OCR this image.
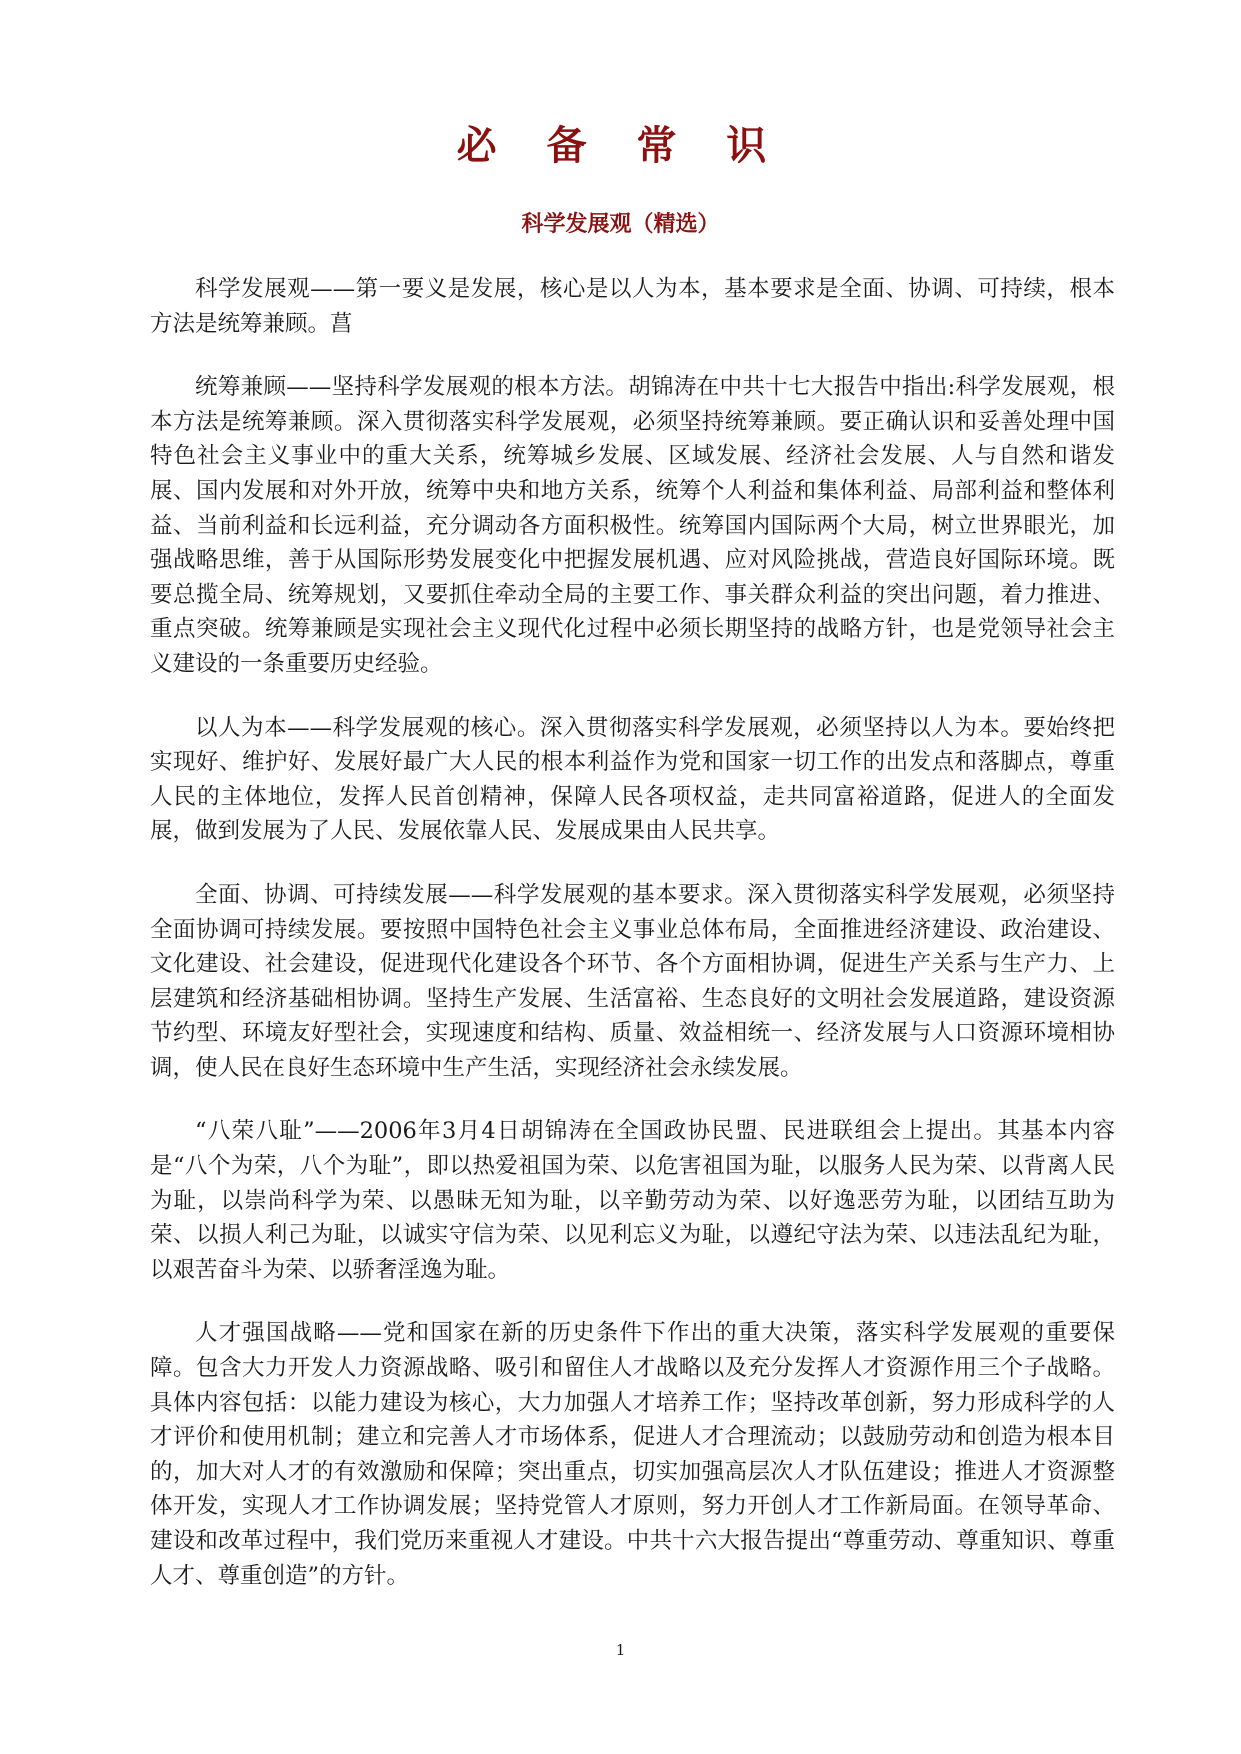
必 备 常 识
科学发展观（精选）

科学发展观——第一要义是发展，核心是以人为本，基本要求是全面、协调、可持续，根本方法是统筹兼顾。菖

统筹兼顾——坚持科学发展观的根本方法。胡锦涛在中共十七大报告中指出:科学发展观，根本方法是统筹兼顾。深入贯彻落实科学发展观，必须坚持统筹兼顾。要正确认识和妥善处理中国特色社会主义事业中的重大关系，统筹城乡发展、区域发展、经济社会发展、人与自然和谐发展、国内发展和对外开放，统筹中央和地方关系，统筹个人利益和集体利益、局部利益和整体利益、当前利益和长远利益，充分调动各方面积极性。统筹国内国际两个大局，树立世界眼光，加强战略思维，善于从国际形势发展变化中把握发展机遇、应对风险挑战，营造良好国际环境。既要总揽全局、统筹规划，又要抓住牵动全局的主要工作、事关群众利益的突出问题，着力推进、重点突破。统筹兼顾是实现社会主义现代化过程中必须长期坚持的战略方针，也是党领导社会主义建设的一条重要历史经验。

以人为本——科学发展观的核心。深入贯彻落实科学发展观，必须坚持以人为本。要始终把实现好、维护好、发展好最广大人民的根本利益作为党和国家一切工作的出发点和落脚点，尊重人民的主体地位，发挥人民首创精神，保障人民各项权益，走共同富裕道路，促进人的全面发展，做到发展为了人民、发展依靠人民、发展成果由人民共享。

全面、协调、可持续发展——科学发展观的基本要求。深入贯彻落实科学发展观，必须坚持全面协调可持续发展。要按照中国特色社会主义事业总体布局，全面推进经济建设、政治建设、文化建设、社会建设，促进现代化建设各个环节、各个方面相协调，促进生产关系与生产力、上层建筑和经济基础相协调。坚持生产发展、生活富裕、生态良好的文明社会发展道路，建设资源节约型、环境友好型社会，实现速度和结构、质量、效益相统一、经济发展与人口资源环境相协调，使人民在良好生态环境中生产生活，实现经济社会永续发展。

“八荣八耻”——2006年3月4日胡锦涛在全国政协民盟、民进联组会上提出。其基本内容是“八个为荣，八个为耻”，即以热爱祖国为荣、以危害祖国为耻，以服务人民为荣、以背离人民为耻，以崇尚科学为荣、以愚昧无知为耻，以辛勤劳动为荣、以好逸恶劳为耻，以团结互助为荣、以损人利己为耻，以诚实守信为荣、以见利忘义为耻，以遵纪守法为荣、以违法乱纪为耻，以艰苦奋斗为荣、以骄奢淫逸为耻。

人才强国战略——党和国家在新的历史条件下作出的重大决策，落实科学发展观的重要保障。包含大力开发人力资源战略、吸引和留住人才战略以及充分发挥人才资源作用三个子战略。具体内容包括：以能力建设为核心，大力加强人才培养工作；坚持改革创新，努力形成科学的人才评价和使用机制；建立和完善人才市场体系，促进人才合理流动；以鼓励劳动和创造为根本目的，加大对人才的有效激励和保障；突出重点，切实加强高层次人才队伍建设；推进人才资源整体开发，实现人才工作协调发展；坚持党管人才原则，努力开创人才工作新局面。在领导革命、建设和改革过程中，我们党历来重视人才建设。中共十六大报告提出“尊重劳动、尊重知识、尊重人才、尊重创造”的方针。

1
